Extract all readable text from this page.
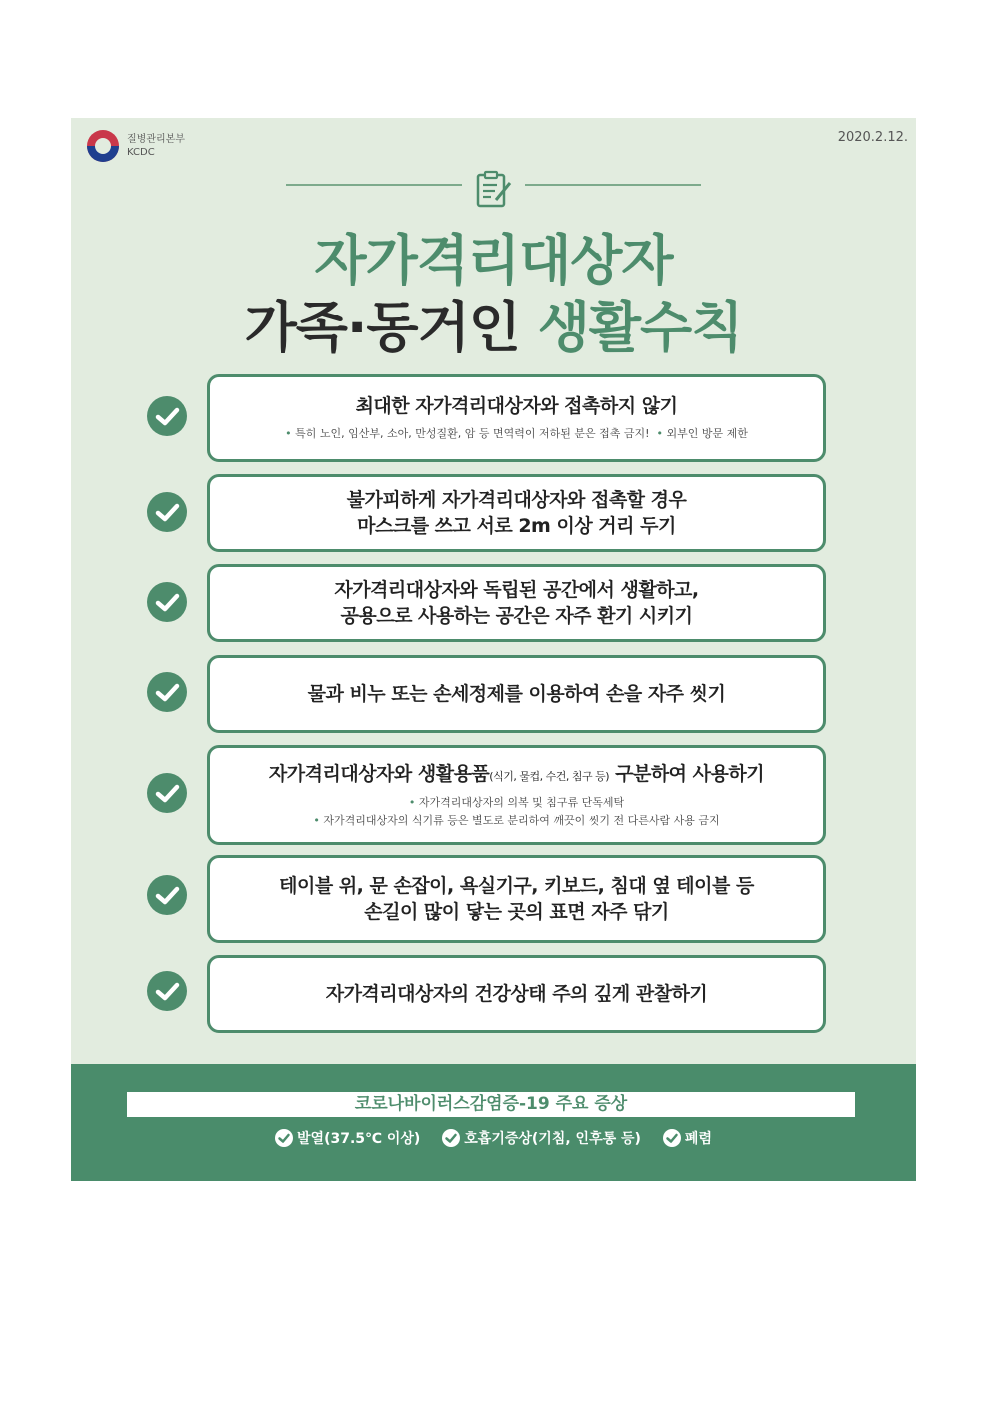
질병관리본부
KCDC
2020.2.12.
자가격리대상자
가족·동거인 생활수칙
최대한 자가격리대상자와 접촉하지 않기
• 특히 노인, 임산부, 소아, 만성질환, 암 등 면역력이 저하된 분은 접촉 금지! • 외부인 방문 제한
불가피하게 자가격리대상자와 접촉할 경우
마스크를 쓰고 서로 2m 이상 거리 두기
자가격리대상자와 독립된 공간에서 생활하고,
공용으로 사용하는 공간은 자주 환기 시키기
물과 비누 또는 손세정제를 이용하여 손을 자주 씻기
자가격리대상자와 생활용품(식기, 물컵, 수건, 침구 등) 구분하여 사용하기
• 자가격리대상자의 의복 및 침구류 단독세탁
• 자가격리대상자의 식기류 등은 별도로 분리하여 깨끗이 씻기 전 다른사람 사용 금지
테이블 위, 문 손잡이, 욕실기구, 키보드, 침대 옆 테이블 등
손길이 많이 닿는 곳의 표면 자주 닦기
자가격리대상자의 건강상태 주의 깊게 관찰하기
코로나바이러스감염증-19 주요 증상
발열(37.5℃ 이상)	호흡기증상(기침, 인후통 등)	폐렴
